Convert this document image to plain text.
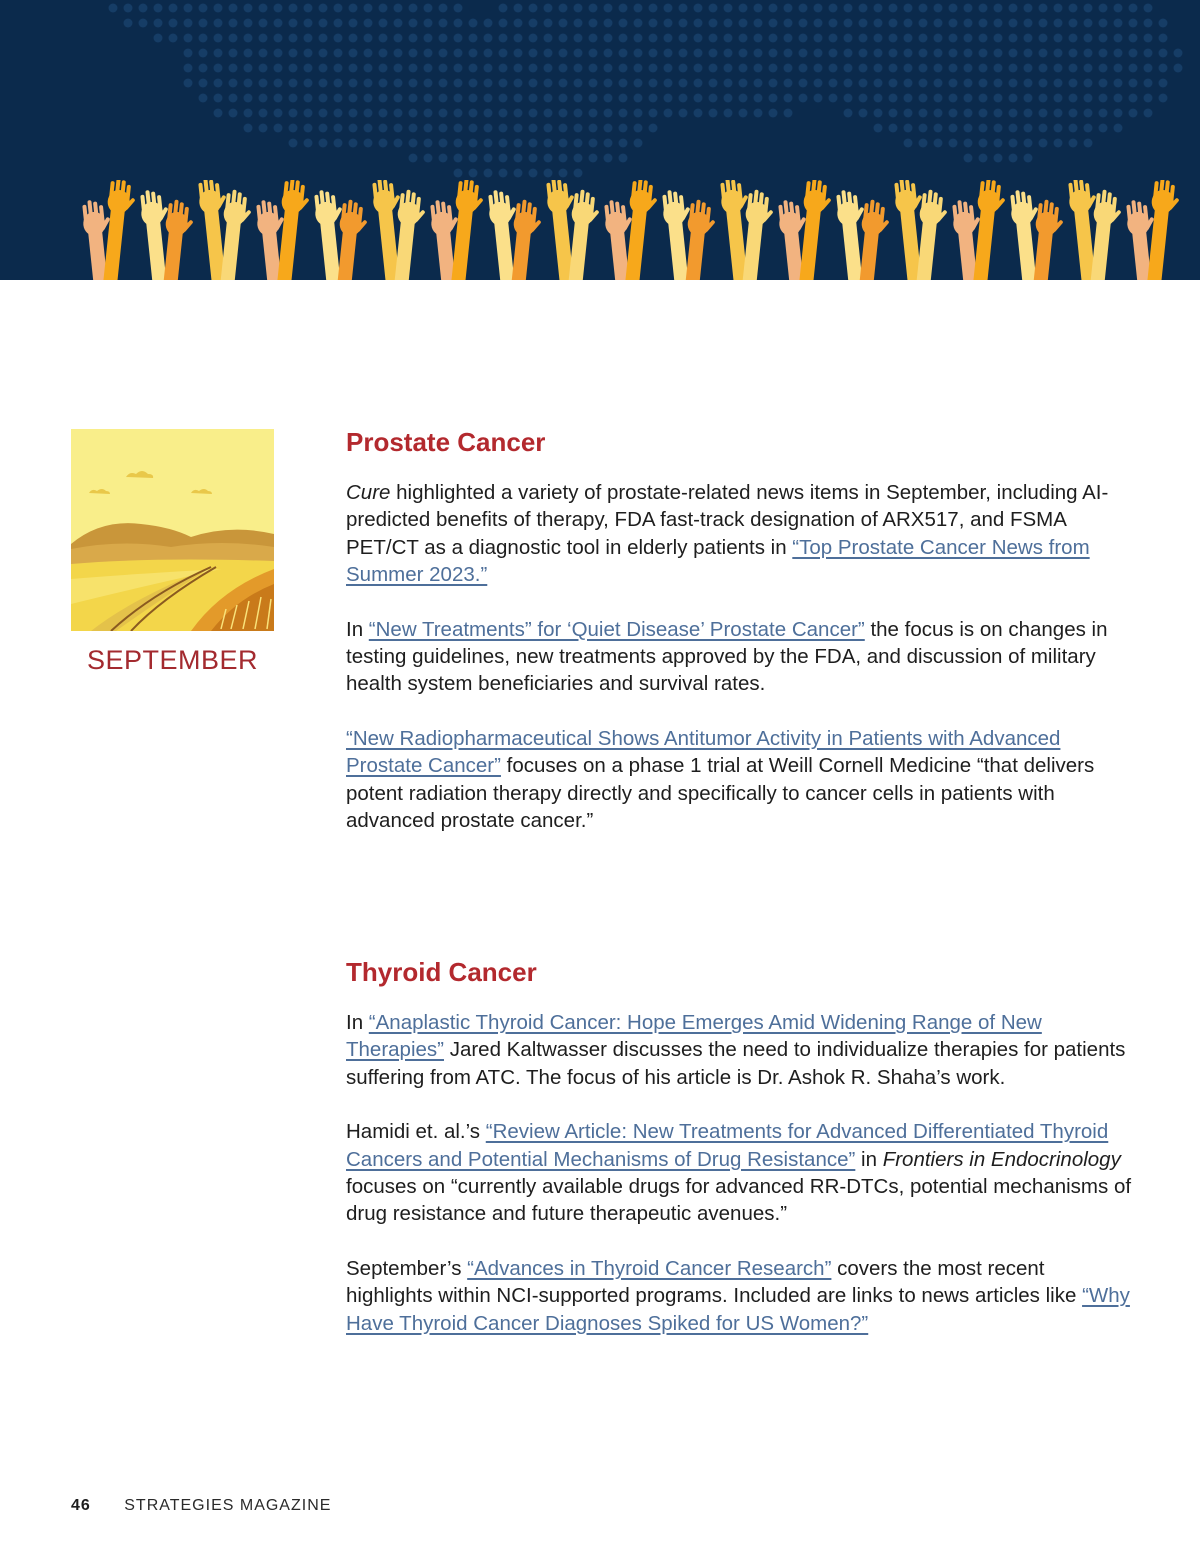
SEPTEMBER
Prostate Cancer

Cure highlighted a variety of prostate-related news items in September, including AI-predicted benefits of therapy, FDA fast-track designation of ARX517, and FSMA PET/CT as a diagnostic tool in elderly patients in “Top Prostate Cancer News from Summer 2023.”

In “New Treatments” for ‘Quiet Disease’ Prostate Cancer” the focus is on changes in testing guidelines, new treatments approved by the FDA, and discussion of military health system beneficiaries and survival rates.

“New Radiopharmaceutical Shows Antitumor Activity in Patients with Advanced Prostate Cancer” focuses on a phase 1 trial at Weill Cornell Medicine “that delivers potent radiation therapy directly and specifically to cancer cells in patients with advanced prostate cancer.”

Thyroid Cancer

In “Anaplastic Thyroid Cancer: Hope Emerges Amid Widening Range of New Therapies” Jared Kaltwasser discusses the need to individualize therapies for patients suffering from ATC. The focus of his article is Dr. Ashok R. Shaha’s work.

Hamidi et. al.’s “Review Article: New Treatments for Advanced Differentiated Thyroid Cancers and Potential Mechanisms of Drug Resistance” in Frontiers in Endocrinology focuses on “currently available drugs for advanced RR-DTCs, potential mechanisms of drug resistance and future therapeutic avenues.”

September’s “Advances in Thyroid Cancer Research” covers the most recent highlights within NCI-supported programs. Included are links to news articles like “Why Have Thyroid Cancer Diagnoses Spiked for US Women?”

46 STRATEGIES MAGAZINE
